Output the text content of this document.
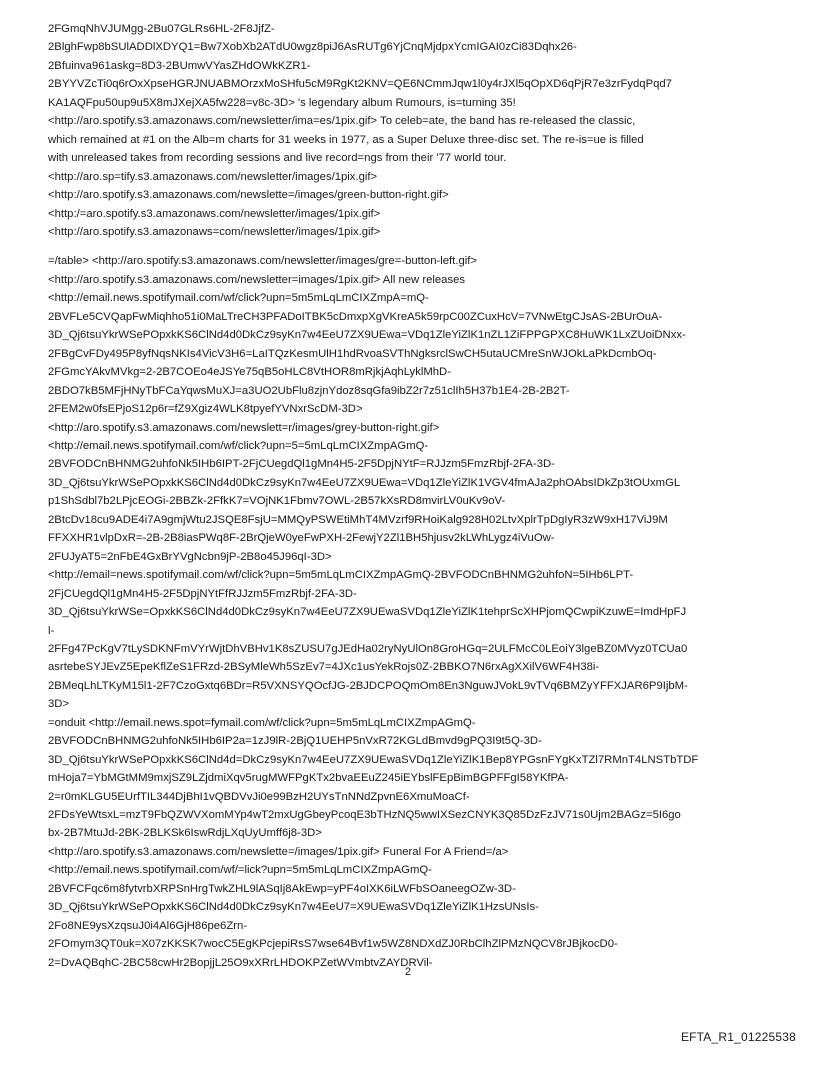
2FGmqNhVJUMgg-2Bu07GLRs6HL-2F8JjfZ-
2BlghFwp8bSUlADDlXDYQ1=Bw7XobXb2ATdU0wgz8piJ6AsRUTg6YjCnqMjdpxYcmIGAI0zCi83Dqhx26-
2Bfuinva961askg=8D3-2BUmwVYasZHdOWkKZR1-
2BYYVZcTi0q6rOxXpseHGRJNUABMOrzxMoSHfu5cM9RgKt2KNV=QE6NCmmJqw1l0y4rJXl5qOpXD6qPjR7e3zrFydqPqd7
KA1AQFpu50up9u5X8mJXejXA5fw228=v8c-3D> 's legendary album Rumours, is=turning 35!
<http://aro.spotify.s3.amazonaws.com/newsletter/ima=es/1pix.gif> To celeb=ate, the band has re-released the classic,
which remained at #1 on the Alb=m charts for 31 weeks in 1977, as a Super Deluxe three-disc set. The re-is=ue is filled
with unreleased takes from recording sessions and live record=ngs from their '77 world tour.
<http://aro.sp=tify.s3.amazonaws.com/newsletter/images/1pix.gif>
<http://aro.spotify.s3.amazonaws.com/newslette=/images/green-button-right.gif>
<http:/=aro.spotify.s3.amazonaws.com/newsletter/images/1pix.gif>
<http://aro.spotify.s3.amazonaws=com/newsletter/images/1pix.gif>
=/table> <http://aro.spotify.s3.amazonaws.com/newsletter/images/gre=-button-left.gif>
<http://aro.spotify.s3.amazonaws.com/newsletter=images/1pix.gif> All new releases
<http://email.news.spotifymail.com/wf/click?upn=5m5mLqLmCIXZmpA=mQ-
2BVFLe5CVQapFwMiqhho51i0MaLTreCH3PFADoITBK5cDmxpXgVKreA5k59rpC00ZCuxHcV=7VNwEtgCJsAS-2BUrOuA-
3D_Qj6tsuYkrWSePOpxkKS6ClNd4d0DkCz9syKn7w4EeU7ZX9UEwa=VDq1ZleYiZlK1nZL1ZiFPPGPXC8HuWK1LxZUoiDNxx-
2FBgCvFDy495P8yfNqsNKIs4VicV3H6=LaITQzKesmUlH1hdRvoaSVThNgksrclSwCH5utaUCMreSnWJOkLaPkDcmbOq-
2FGmcYAkvMVkg=2-2B7COEo4eJSYe75qB5oHLC8VtHOR8mRjkjAqhLyklMhD-
2BDO7kB5MFjHNyTbFCaYqwsMuXJ=a3UO2UbFlu8zjnYdoz8sqGfa9ibZ2r7z51clIh5H37b1E4-2B-2B2T-
2FEM2w0fsEPjoS12p6r=fZ9Xgiz4WLK8tpyefYVNxrScDM-3D>
<http://aro.spotify.s3.amazonaws.com/newslett=r/images/grey-button-right.gif>
<http://email.news.spotifymail.com/wf/click?upn=5=5mLqLmCIXZmpAGmQ-
2BVFODCnBHNMG2uhfoNk5IHb6IPT-2FjCUegdQl1gMn4H5-2F5DpjNYtF=RJJzm5FmzRbjf-2FA-3D-
3D_Qj6tsuYkrWSePOpxkKS6ClNd4d0DkCz9syKn7w4EeU7ZX9UEwa=VDq1ZleYiZlK1VGV4fmAJa2phOAbsIDkZp3tOUxmGL
p1ShSdbl7b2LPjcEOGi-2BBZk-2FfkK7=VOjNK1Fbmv7OWL-2B57kXsRD8mvirLV0uKv9oV-
2BtcDv18cu9ADE4i7A9gmjWtu2JSQE8FsjU=MMQyPSWEtiMhT4MVzrf9RHoiKalg928H02LtvXplrTpDgIyR3zW9xH17ViJ9M
FFXXHR1vlpDxR=-2B-2B8iasPWq8F-2BrQjeW0yeFwPXH-2FewjY2Zl1BH5hjusv2kLWhLygz4iVuOw-
2FUJyAT5=2nFbE4GxBrYVgNcbn9jP-2B8o45J96qI-3D>
<http://email=news.spotifymail.com/wf/click?upn=5m5mLqLmCIXZmpAGmQ-2BVFODCnBHNMG2uhfoN=5IHb6LPT-
2FjCUegdQl1gMn4H5-2F5DpjNYtFfRJJzm5FmzRbjf-2FA-3D-
3D_Qj6tsuYkrWSe=OpxkKS6ClNd4d0DkCz9syKn7w4EeU7ZX9UEwaSVDq1ZleYiZlK1tehprScXHPjomQCwpiKzuwE=ImdHpFJ
l-
2FFg47PcKgV7tLySDKNFmVYrWjtDhVBHv1K8sZUSU7gJEdHa02ryNyUlOn8GroHGq=2ULFMcC0LEoiY3lgeBZ0MVyz0TCUa0
asrtebeSYJEvZ5EpeKflZeS1FRzd-2BSyMleWh5SzEv7=4JXc1usYekRojs0Z-2BBKO7N6rxAgXXilV6WF4H38i-
2BMeqLhLTKyM15l1-2F7CzoGxtq6BDr=R5VXNSYQOcfJG-2BJDCPOQmOm8En3NguwJVokL9vTVq6BMZyYFFXJAR6P9IjbM-
3D>
=onduit <http://email.news.spot=fymail.com/wf/click?upn=5m5mLqLmCIXZmpAGmQ-
2BVFODCnBHNMG2uhfoNk5IHb6IP2a=1zJ9lR-2BjQ1UEHP5nVxR72KGLdBmvd9gPQ3I9t5Q-3D-
3D_Qj6tsuYkrWSePOpxkKS6ClNd4d=DkCz9syKn7w4EeU7ZX9UEwaSVDq1ZleYiZlK1Bep8YPGsnFYgKxTZl7RMnT4LNSTbTDF
mHoja7=YbMGtMM9mxjSZ9LZjdmiXqv5rugMWFPgKTx2bvaEEuZ245iEYbslFEpBimBGPFFgI58YKfPA-
2=r0mKLGU5EUrfTIL344DjBhI1vQBDVvJi0e99BzH2UYsTnNNdZpvnE6XmuMoaCf-
2FDsYeWtsxL=mzT9FbQZWVXomMYp4wT2mxUgGbeyPcoqE3bTHzNQ5wwIXSezCNYK3Q85DzFzJV71s0Ujm2BAGz=5I6go
bx-2B7MtuJd-2BK-2BLKSk6IswRdjLXqUyUmff6j8-3D>
<http://aro.spotify.s3.amazonaws.com/newslette=/images/1pix.gif> Funeral For A Friend=/a>
<http://email.news.spotifymail.com/wf/=lick?upn=5m5mLqLmCIXZmpAGmQ-
2BVFCFqc6m8fytvrbXRPSnHrgTwkZHL9lASqIj8AkEwp=yPF4oIXK6iLWFbSOaneegOZw-3D-
3D_Qj6tsuYkrWSePOpxkKS6ClNd4d0DkCz9syKn7w4EeU7=X9UEwaSVDq1ZleYiZlK1HzsUNsIs-
2Fo8NE9ysXzqsuJ0i4Al6GjH86pe6Zrn-
2FOmym3QT0uk=X07zKKSK7wocC5EgKPcjepiRsS7wse64Bvf1w5WZ8NDXdZJ0RbClhZlPMzNQCV8rJBjkocD0-
2=DvAQBqhC-2BC58cwHr2BopjjL25O9xXRrLHDOKPZetWVmbtvZAYDRVil-
2
EFTA_R1_01225538
